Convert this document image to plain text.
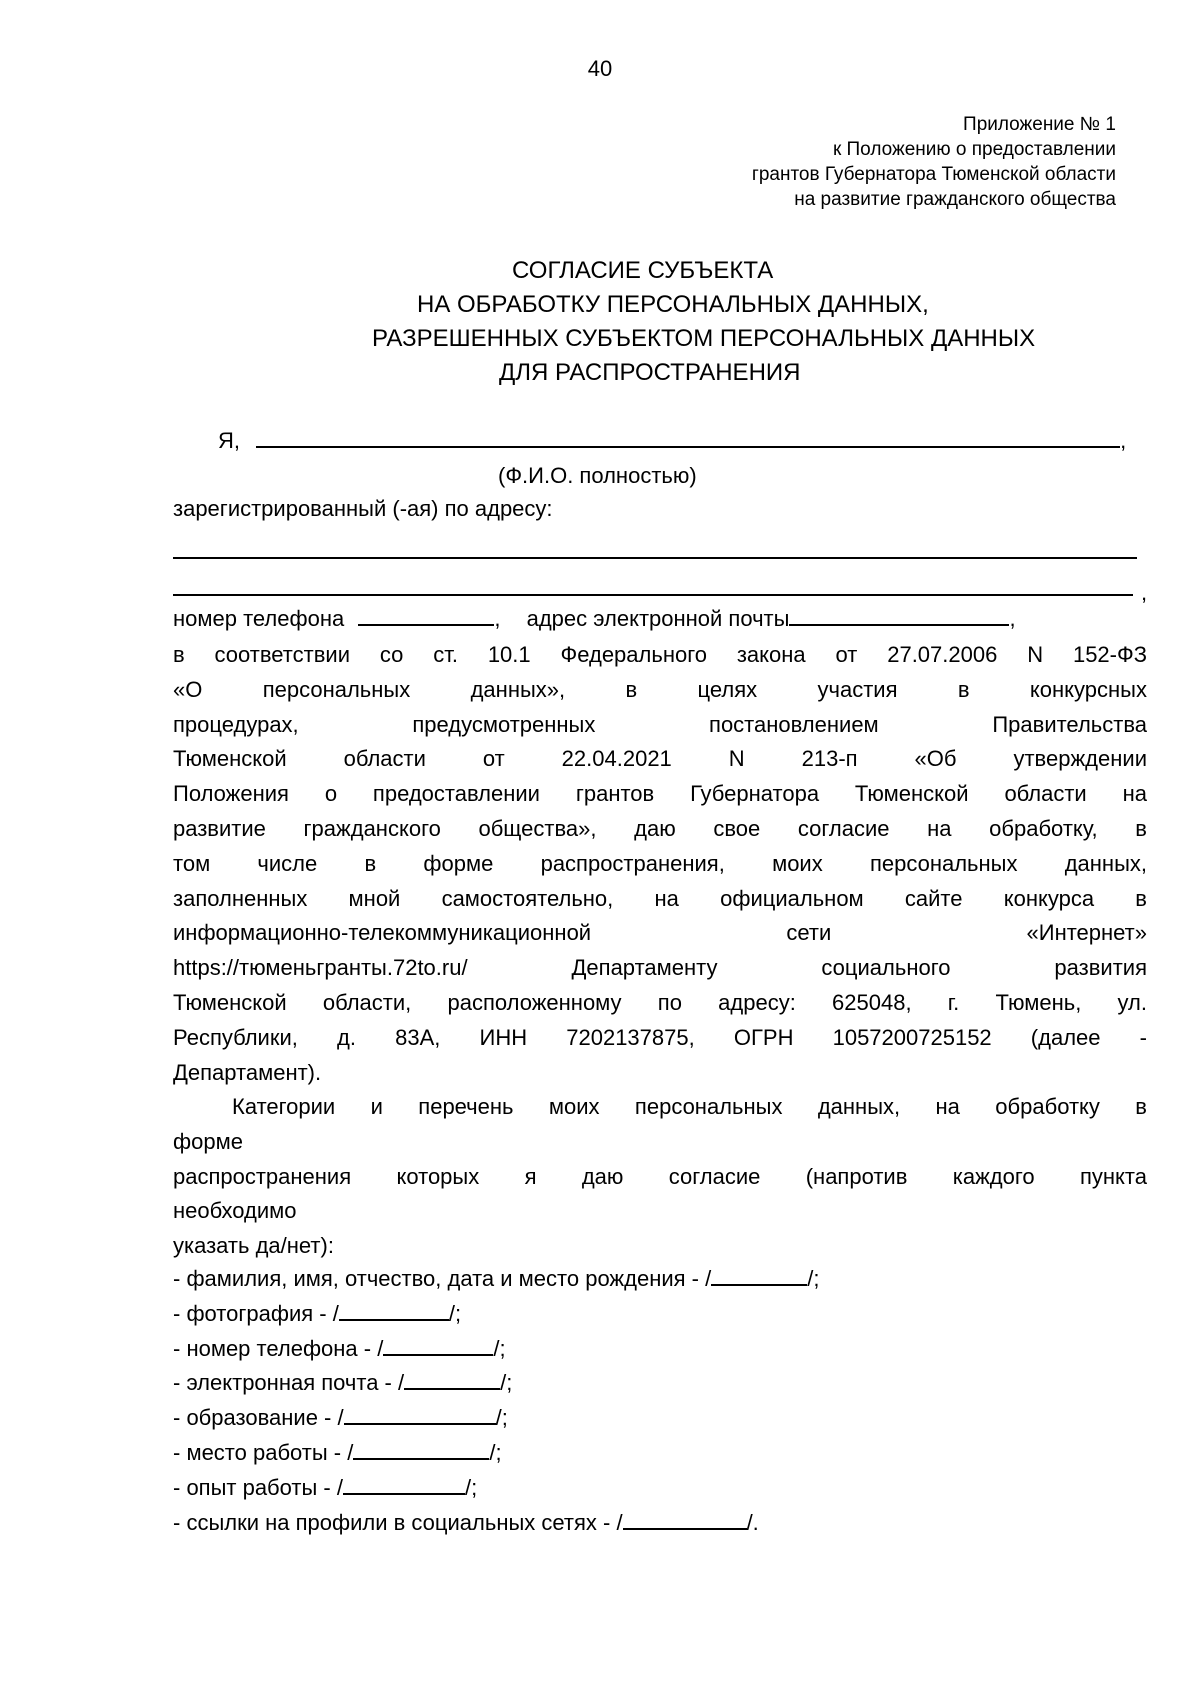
40
Приложение № 1
к Положению о предоставлении
грантов Губернатора Тюменской области
на развитие гражданского общества
СОГЛАСИЕ СУБЪЕКТА
НА ОБРАБОТКУ ПЕРСОНАЛЬНЫХ ДАННЫХ,
РАЗРЕШЕННЫХ СУБЪЕКТОМ ПЕРСОНАЛЬНЫХ ДАННЫХ
ДЛЯ РАСПРОСТРАНЕНИЯ
Я,	,
(Ф.И.О. полностью)
зарегистрированный (-ая) по адресу:
,
номер телефона	, адрес электронной почты	,

в соответствии со ст. 10.1 Федерального закона от 27.07.2006 N 152-ФЗ

«О персональных данных», в целях участия в конкурсных

процедурах, предусмотренных постановлением Правительства

Тюменской области от 22.04.2021 N 213-п «Об утверждении

Положения о предоставлении грантов Губернатора Тюменской области на

развитие гражданского общества», даю свое согласие на обработку, в

том числе в форме распространения, моих персональных данных,

заполненных мной самостоятельно, на официальном сайте конкурса в

информационно-телекоммуникационной сети «Интернет»

https://тюменьгранты.72to.ru/ Департаменту социального развития

Тюменской области, расположенному по адресу: 625048, г. Тюмень, ул.

Республики, д. 83А, ИНН 7202137875, ОГРН 1057200725152 (далее -

Департамент).

Категории и перечень моих персональных данных, на обработку в

форме

распространения которых я даю согласие (напротив каждого пункта

необходимо

указать да/нет):

- фамилия, имя, отчество, дата и место рождения - /	/;
- фотография - /	/;
- номер телефона - /	/;
- электронная почта - /	/;
- образование - /	/;
- место работы - /	/;
- опыт работы - /	/;
- ссылки на профили в социальных сетях - /	/.
